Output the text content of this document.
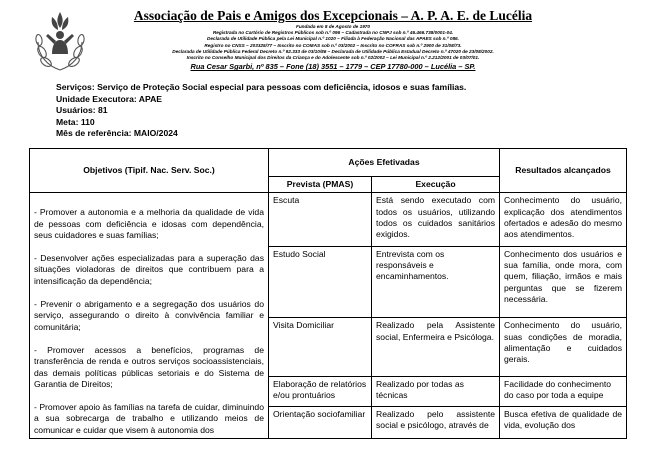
Associação de Pais e Amigos dos Excepcionais – A. P. A. E. de Lucélia
Fundada em 8 de Agosto de 1970
Registrada no Cartório de Registros Públicos sob n.º 096 – Cadastrada no CNPJ sob n.º 46.466.738/0001-04.
Declarada de Utilidade Pública pela Lei Municipal n.º 1020 – Filiada à Federação Nacional das APAES sob n.º 086.
Registro no CNSS – 203325/77 – Inscrito no COMAS sob n.º 03/2002 – Inscrito no COFRAS sob n.º 2900 de 31/08/73.
Declarada de Utilidade Pública Federal Decreto n.º 92.333 de 03/10/86 – Declarada de Utilidade Pública Estadual Decreto n.º 47020 de 23/08/2002.
Inscrito no Conselho Municipal dos Direitos da Criança e do Adolescente sob n.º 02/2002 – Lei Municipal n.º 2.212/2001 de 03/07/01.
Rua Cesar Sgarbi, nº 835 – Fone (18) 3551 – 1779 – CEP 17780-000 – Lucélia – SP.
Serviços: Serviço de Proteção Social especial para pessoas com deficiência, idosos e suas famílias.
Unidade Executora: APAE
Usuários: 81
Meta: 110
Mês de referência: MAIO/2024
Objetivos (Tipif. Nac. Serv. Soc.)	Ações Efetivadas		Resultados alcançados
	Prevista (PMAS)	Execução	

- Promover a autonomia e a melhoria da qualidade de vida de pessoas com deficiência e idosas com dependência, seus cuidadores e suas famílias;

- Desenvolver ações especializadas para a superação das situações violadoras de direitos que contribuem para a intensificação da dependência;

- Prevenir o abrigamento e a segregação dos usuários do serviço, assegurando o direito à convivência familiar e comunitária;

- Promover acessos a benefícios, programas de transferência de renda e outros serviços socioassistenciais, das demais políticas públicas setoriais e do Sistema de Garantia de Direitos;

- Promover apoio às famílias na tarefa de cuidar, diminuindo a sua sobrecarga de trabalho e utilizando meios de comunicar e cuidar que visem à autonomia dos	Escuta	Está sendo executado com todos os usuários, utilizando todos os cuidados sanitários exigidos.	Conhecimento do usuário, explicação dos atendimentos ofertados e adesão do mesmo aos atendimentos.
	Estudo Social	Entrevista com os responsáveis e encaminhamentos.	Conhecimento dos usuários e sua família, onde mora, com quem, filiação, irmãos e mais perguntas que se fizerem necessária.
	Visita Domiciliar	Realizado pela Assistente social, Enfermeira e Psicóloga.	Conhecimento do usuário, suas condições de moradia, alimentação e cuidados gerais.
	Elaboração de relatórios e/ou prontuários	Realizado por todas as técnicas	Facilidade do conhecimento do caso por toda a equipe
	Orientação sociofamiliar	Realizado pelo assistente social e psicólogo, através de	Busca efetiva de qualidade de vida, evolução dos
